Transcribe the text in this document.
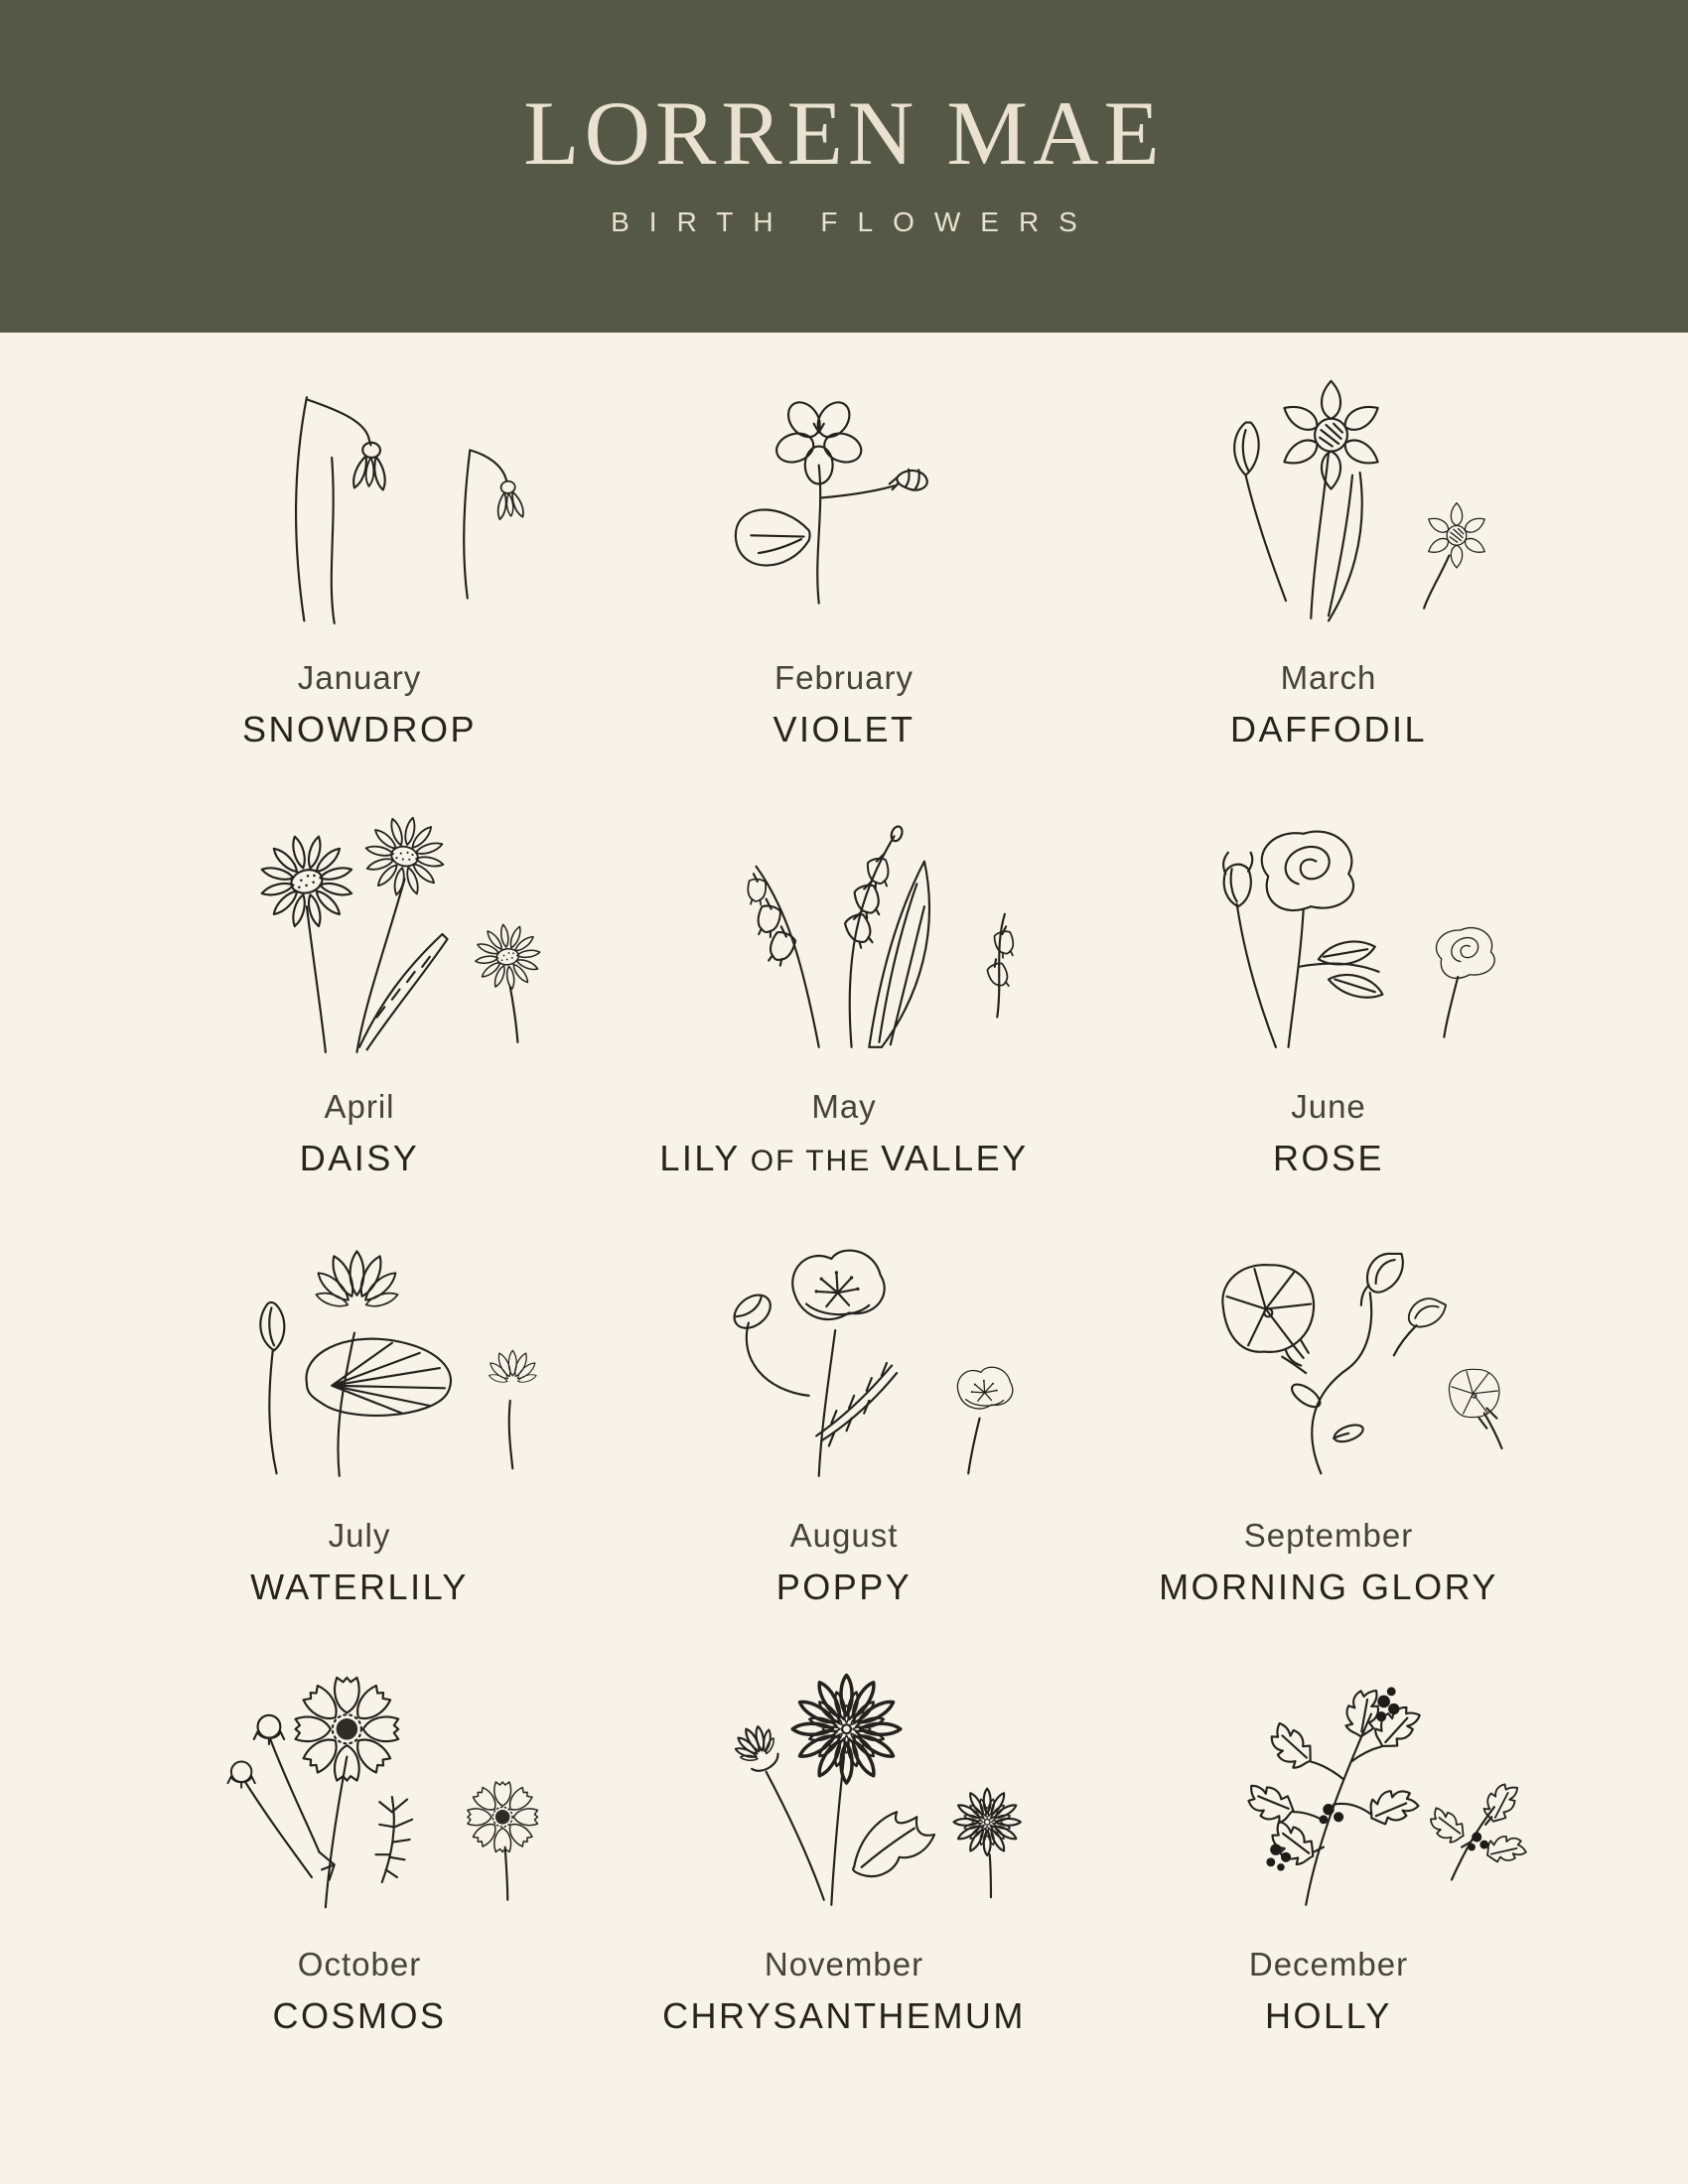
LORREN MAE
BIRTH FLOWERS
January
SNOWDROP
February
VIOLET
March
DAFFODIL
April
DAISY
May
LILY OF THE VALLEY
June
ROSE
July
WATERLILY
August
POPPY
September
MORNING GLORY
October
COSMOS
November
CHRYSANTHEMUM
December
HOLLY
